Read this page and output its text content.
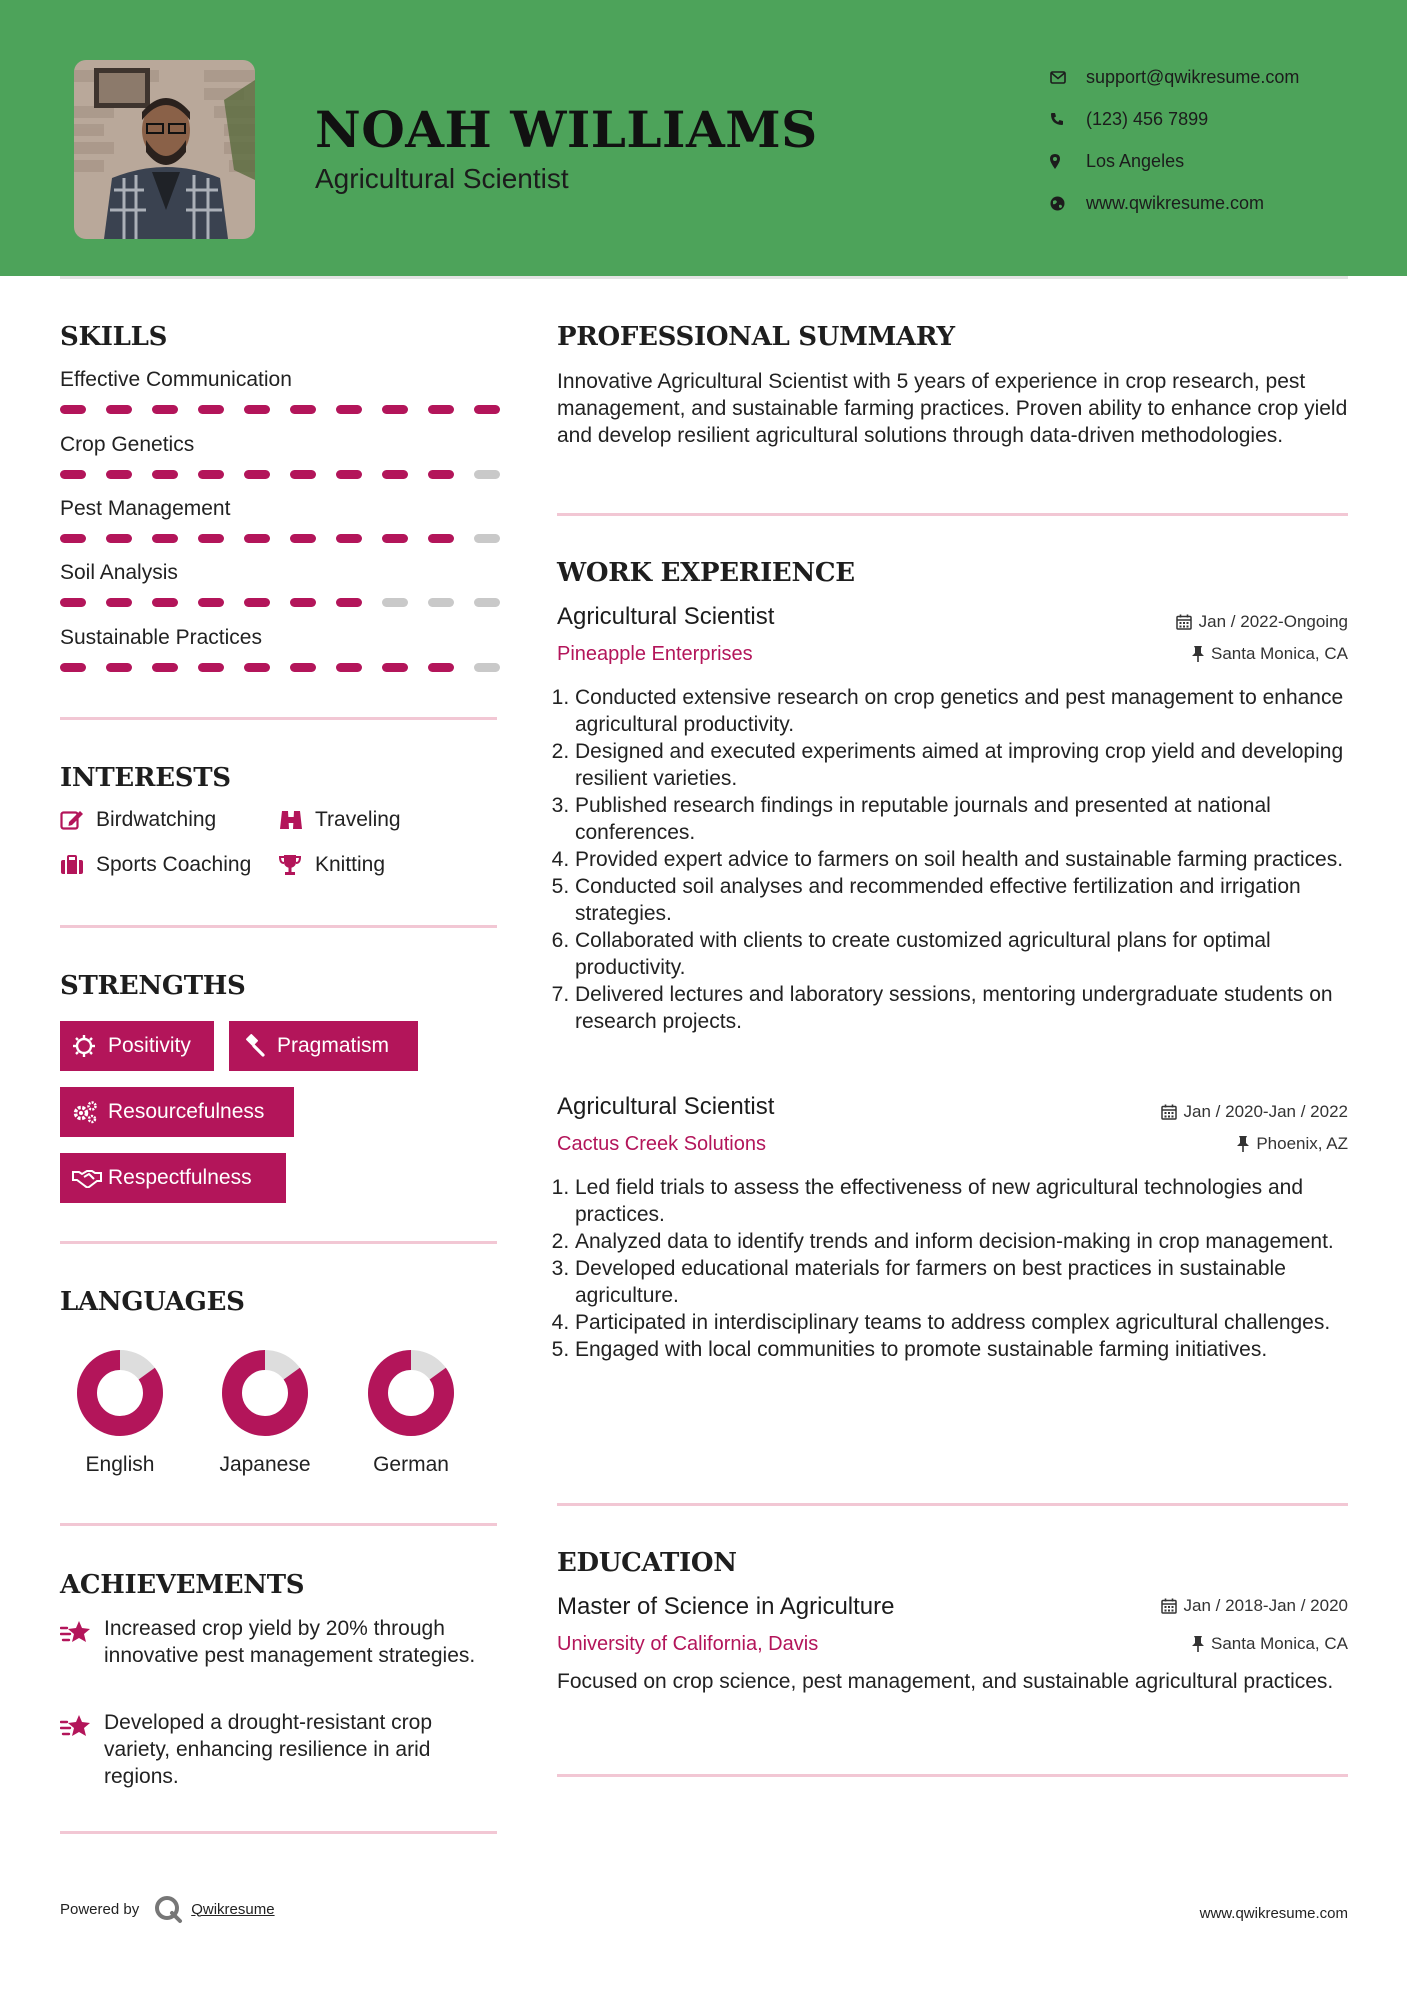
NOAH WILLIAMS
Agricultural Scientist
support@qwikresume.com
(123) 456 7899
Los Angeles
www.qwikresume.com
SKILLS
Effective Communication
Crop Genetics
Pest Management
Soil Analysis
Sustainable Practices
INTERESTS
Birdwatching	Traveling
Sports Coaching	Knitting
STRENGTHS
Positivity	Pragmatism
Resourcefulness
Respectfulness
LANGUAGES
English	Japanese	German
ACHIEVEMENTS
Increased crop yield by 20% through innovative pest management strategies.
Developed a drought-resistant crop variety, enhancing resilience in arid regions.
PROFESSIONAL SUMMARY
Innovative Agricultural Scientist with 5 years of experience in crop research, pest management, and sustainable farming practices. Proven ability to enhance crop yield and develop resilient agricultural solutions through data-driven methodologies.
WORK EXPERIENCE
Agricultural Scientist	Jan / 2022-Ongoing
Pineapple Enterprises	Santa Monica, CA
1. Conducted extensive research on crop genetics and pest management to enhance agricultural productivity.
2. Designed and executed experiments aimed at improving crop yield and developing resilient varieties.
3. Published research findings in reputable journals and presented at national conferences.
4. Provided expert advice to farmers on soil health and sustainable farming practices.
5. Conducted soil analyses and recommended effective fertilization and irrigation strategies.
6. Collaborated with clients to create customized agricultural plans for optimal productivity.
7. Delivered lectures and laboratory sessions, mentoring undergraduate students on research projects.
Agricultural Scientist	Jan / 2020-Jan / 2022
Cactus Creek Solutions	Phoenix, AZ
1. Led field trials to assess the effectiveness of new agricultural technologies and practices.
2. Analyzed data to identify trends and inform decision-making in crop management.
3. Developed educational materials for farmers on best practices in sustainable agriculture.
4. Participated in interdisciplinary teams to address complex agricultural challenges.
5. Engaged with local communities to promote sustainable farming initiatives.
EDUCATION
Master of Science in Agriculture	Jan / 2018-Jan / 2020
University of California, Davis	Santa Monica, CA
Focused on crop science, pest management, and sustainable agricultural practices.
Powered by	Qwikresume	www.qwikresume.com
